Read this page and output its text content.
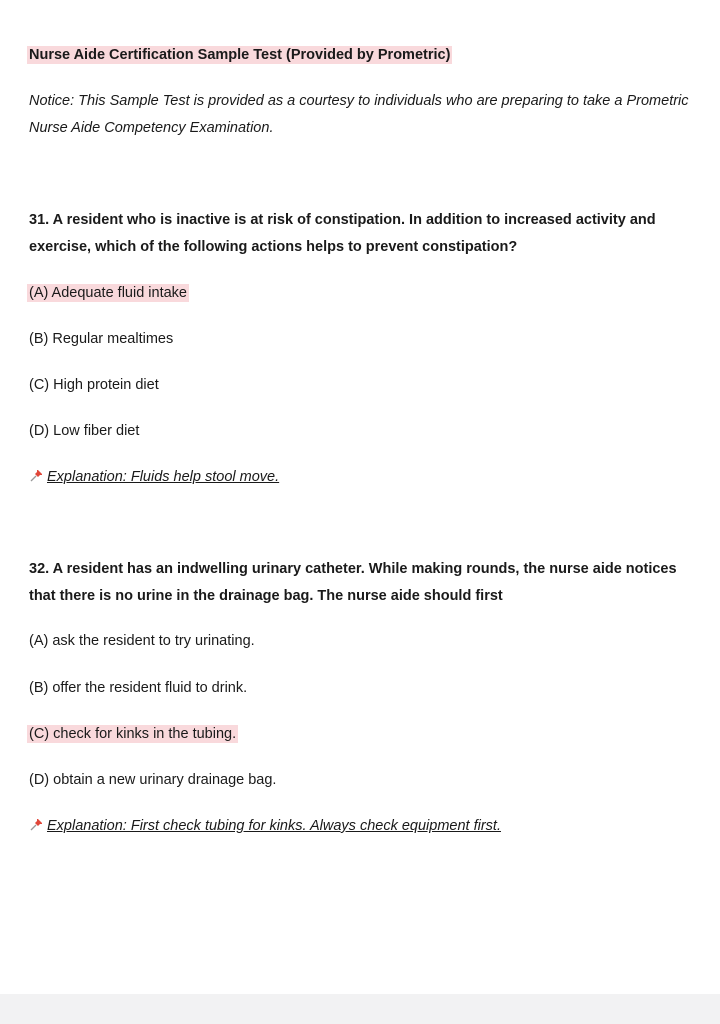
Nurse Aide Certification Sample Test (Provided by Prometric)
Notice: This Sample Test is provided as a courtesy to individuals who are preparing to take a Prometric Nurse Aide Competency Examination.
31. A resident who is inactive is at risk of constipation. In addition to increased activity and exercise, which of the following actions helps to prevent constipation?
(A) Adequate fluid intake
(B) Regular mealtimes
(C) High protein diet
(D) Low fiber diet
Explanation: Fluids help stool move.
32. A resident has an indwelling urinary catheter. While making rounds, the nurse aide notices that there is no urine in the drainage bag. The nurse aide should first
(A) ask the resident to try urinating.
(B) offer the resident fluid to drink.
(C) check for kinks in the tubing.
(D) obtain a new urinary drainage bag.
Explanation: First check tubing for kinks. Always check equipment first.
